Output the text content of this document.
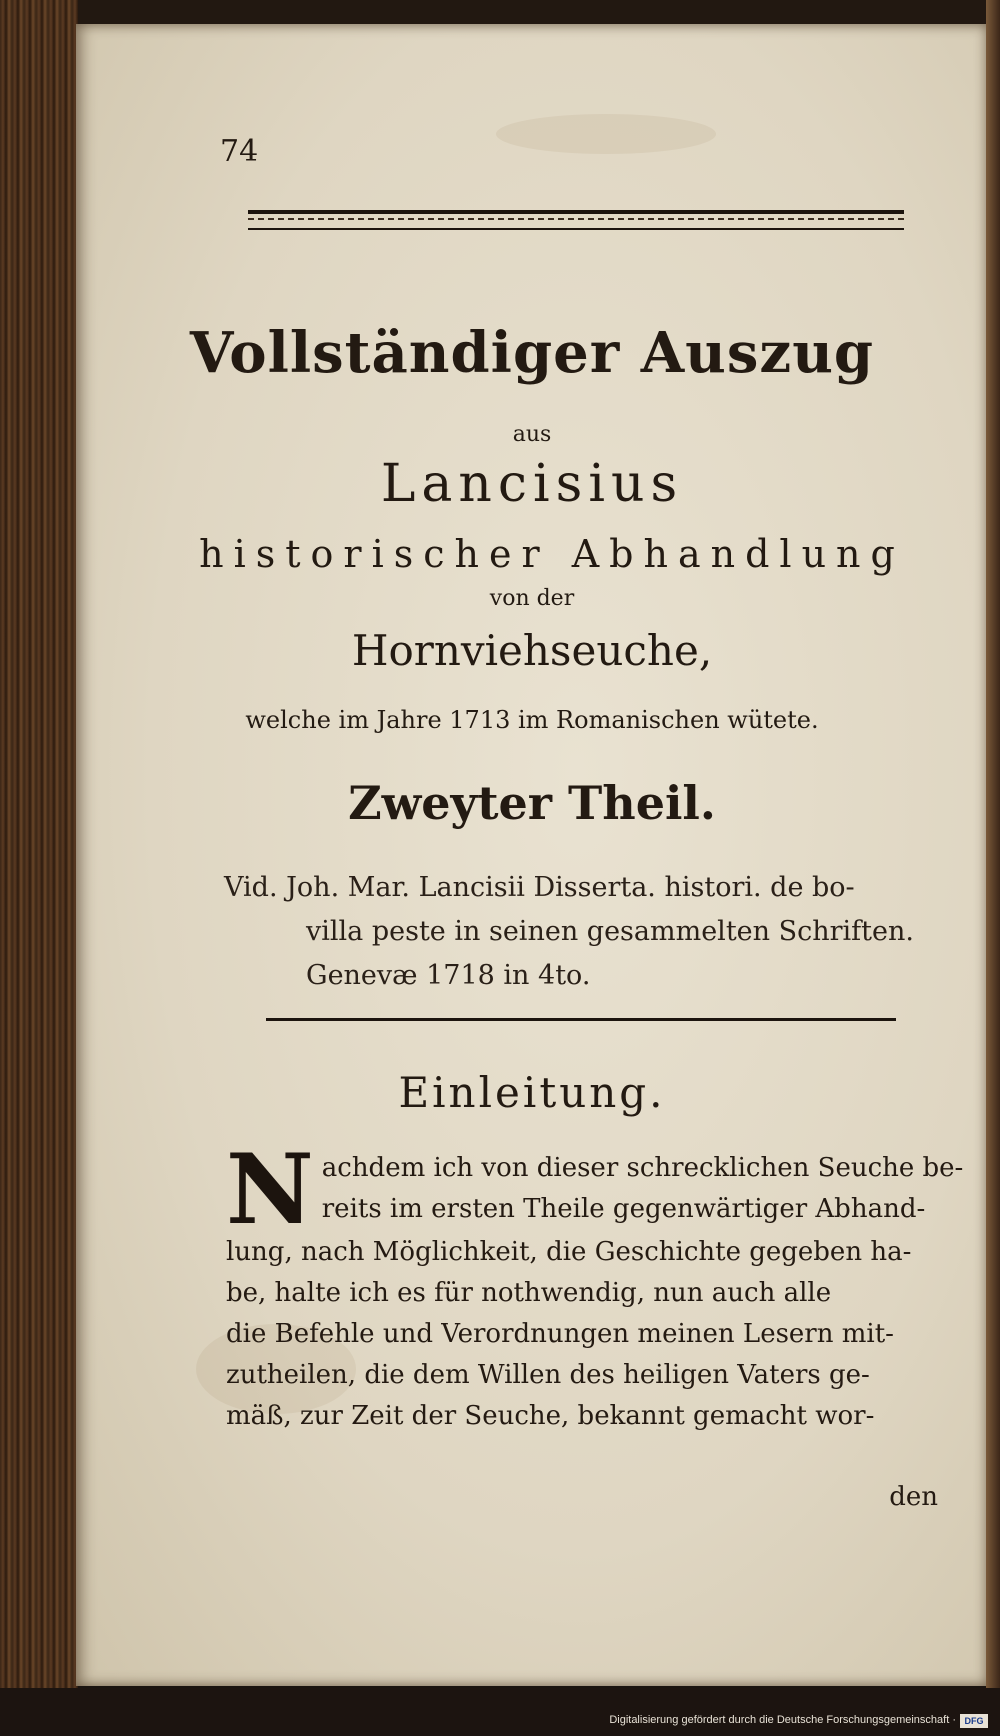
74
Vollständiger Auszug
aus
Lancisius
historischer Abhandlung
von der
Hornviehseuche,
welche im Jahre 1713 im Romanischen wütete.
Zweyter Theil.
Vid. Joh. Mar. Lancisii Disserta. histori. de bo-
villa peste in seinen gesammelten Schriften.
Genevæ 1718 in 4to.
Einleitung.
N achdem ich von dieser schrecklichen Seuche be-
reits im ersten Theile gegenwärtiger Abhand-
lung, nach Möglichkeit, die Geschichte gegeben ha-
be, halte ich es für nothwendig, nun auch alle
die Befehle und Verordnungen meinen Lesern mit-
zutheilen, die dem Willen des heiligen Vaters ge-
mäß, zur Zeit der Seuche, bekannt gemacht wor-
den
Digitalisierung gefördert durch die Deutsche Forschungsgemeinschaft · DFG
